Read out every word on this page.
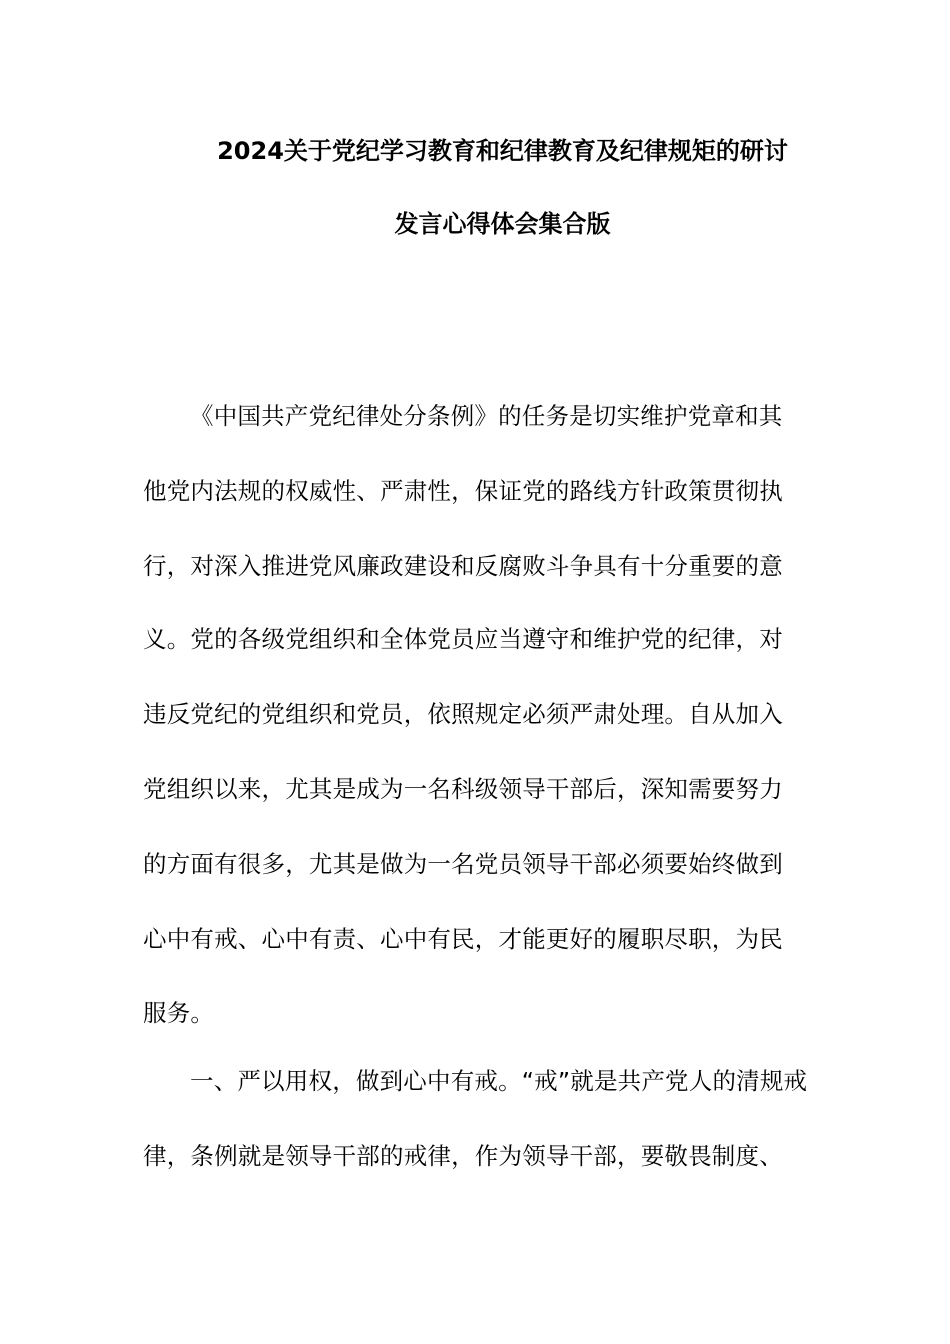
2024关于党纪学习教育和纪律教育及纪律规矩的研讨
发言心得体会集合版
《中国共产党纪律处分条例》的任务是切实维护党章和其
他党内法规的权威性、严肃性，保证党的路线方针政策贯彻执
行，对深入推进党风廉政建设和反腐败斗争具有十分重要的意
义。党的各级党组织和全体党员应当遵守和维护党的纪律，对
违反党纪的党组织和党员，依照规定必须严肃处理。自从加入
党组织以来，尤其是成为一名科级领导干部后，深知需要努力
的方面有很多，尤其是做为一名党员领导干部必须要始终做到
心中有戒、心中有责、心中有民，才能更好的履职尽职，为民
服务。
一、严以用权，做到心中有戒。“戒”就是共产党人的清规戒
律，条例就是领导干部的戒律，作为领导干部，要敬畏制度、
